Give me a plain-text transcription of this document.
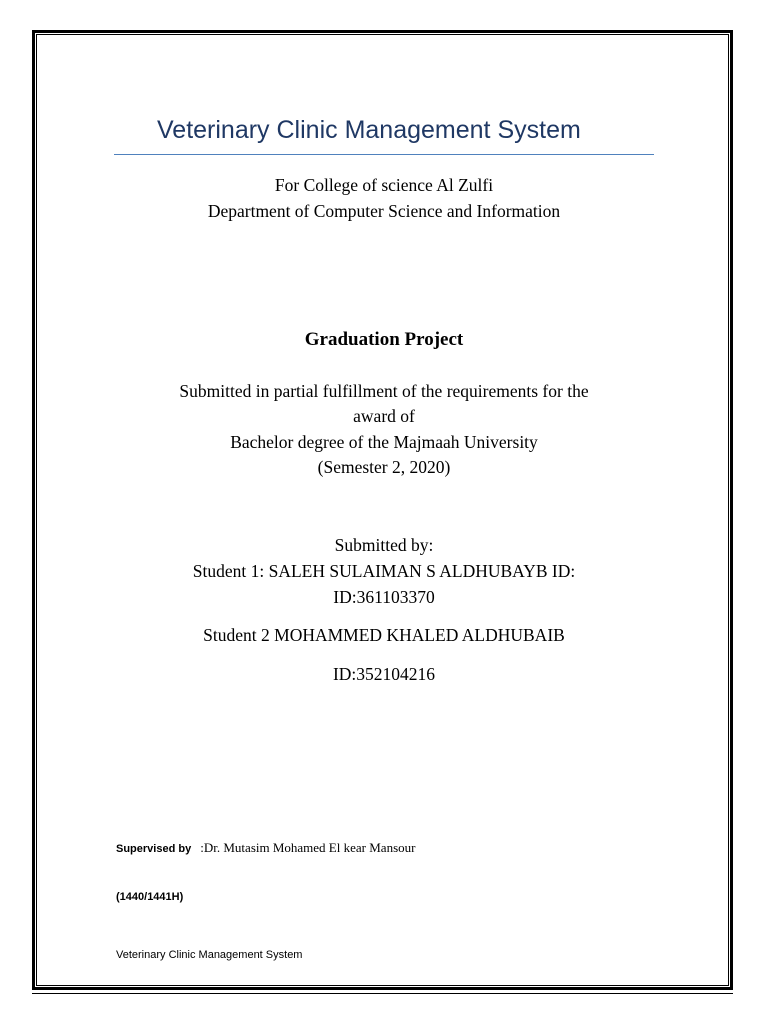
Veterinary Clinic Management System
For College of science Al Zulfi
Department of Computer Science and Information
Graduation Project
Submitted in partial fulfillment of the requirements for the
award of
Bachelor degree of the Majmaah University
(Semester 2, 2020)
Submitted by:
Student 1: SALEH SULAIMAN S ALDHUBAYB ID:
ID:361103370
Student 2 MOHAMMED KHALED ALDHUBAIB
ID:352104216
Supervised by :Dr. Mutasim Mohamed El kear Mansour
(1440/1441H)
Veterinary Clinic Management System
